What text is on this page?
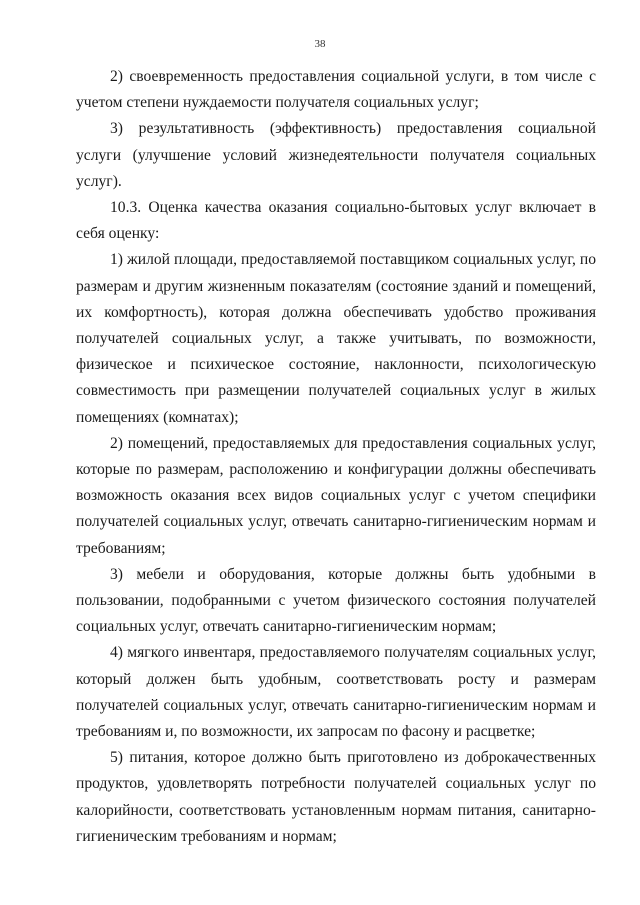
38

2) своевременность предоставления социальной услуги, в том числе с учетом степени нуждаемости получателя социальных услуг;

3) результативность (эффективность) предоставления социальной услуги (улучшение условий жизнедеятельности получателя социальных услуг).

10.3. Оценка качества оказания социально-бытовых услуг включает в себя оценку:

1) жилой площади, предоставляемой поставщиком социальных услуг, по размерам и другим жизненным показателям (состояние зданий и помещений, их комфортность), которая должна обеспечивать удобство проживания получателей социальных услуг, а также учитывать, по возможности, физическое и психическое состояние, наклонности, психологическую совместимость при размещении получателей социальных услуг в жилых помещениях (комнатах);

2) помещений, предоставляемых для предоставления социальных услуг, которые по размерам, расположению и конфигурации должны обеспечивать возможность оказания всех видов социальных услуг с учетом специфики получателей социальных услуг, отвечать санитарно-гигиеническим нормам и требованиям;

3) мебели и оборудования, которые должны быть удобными в пользовании, подобранными с учетом физического состояния получателей социальных услуг, отвечать санитарно-гигиеническим нормам;

4) мягкого инвентаря, предоставляемого получателям социальных услуг, который должен быть удобным, соответствовать росту и размерам получателей социальных услуг, отвечать санитарно-гигиеническим нормам и требованиям и, по возможности, их запросам по фасону и расцветке;

5) питания, которое должно быть приготовлено из доброкачественных продуктов, удовлетворять потребности получателей социальных услуг по калорийности, соответствовать установленным нормам питания, санитарно-гигиеническим требованиям и нормам;
